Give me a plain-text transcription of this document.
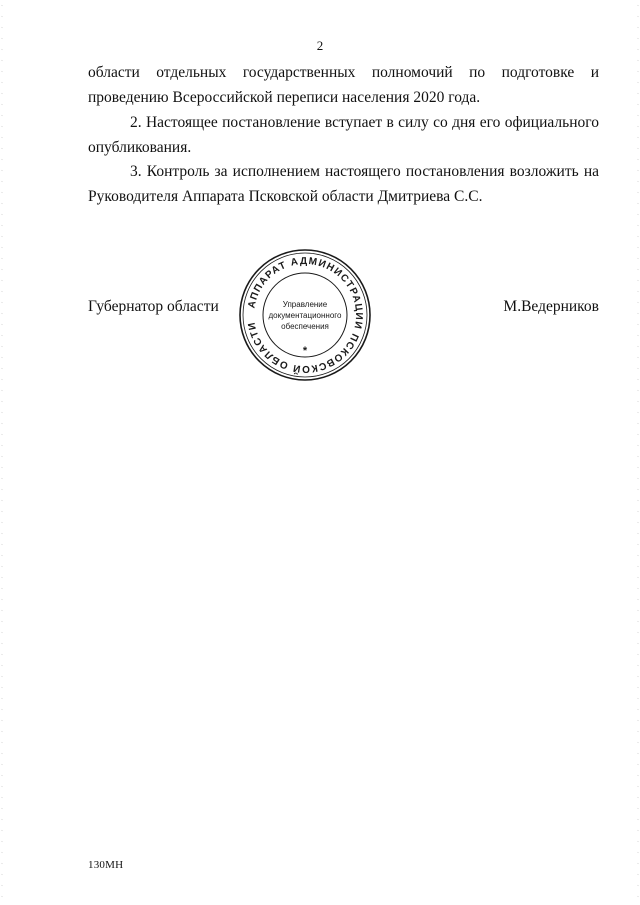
2
области отдельных государственных полномочий по подготовке и проведению Всероссийской переписи населения 2020 года.
2. Настоящее постановление вступает в силу со дня его официального опубликования.
3. Контроль за исполнением настоящего постановления возложить на Руководителя Аппарата Псковской области Дмитриева С.С.
Губернатор области	АППАРАТ АДМИНИСТРАЦИИ ПСКОВСКОЙ ОБЛАСТИ
Управление
документационного
обеспечения
*
М.Ведерников
130МН
